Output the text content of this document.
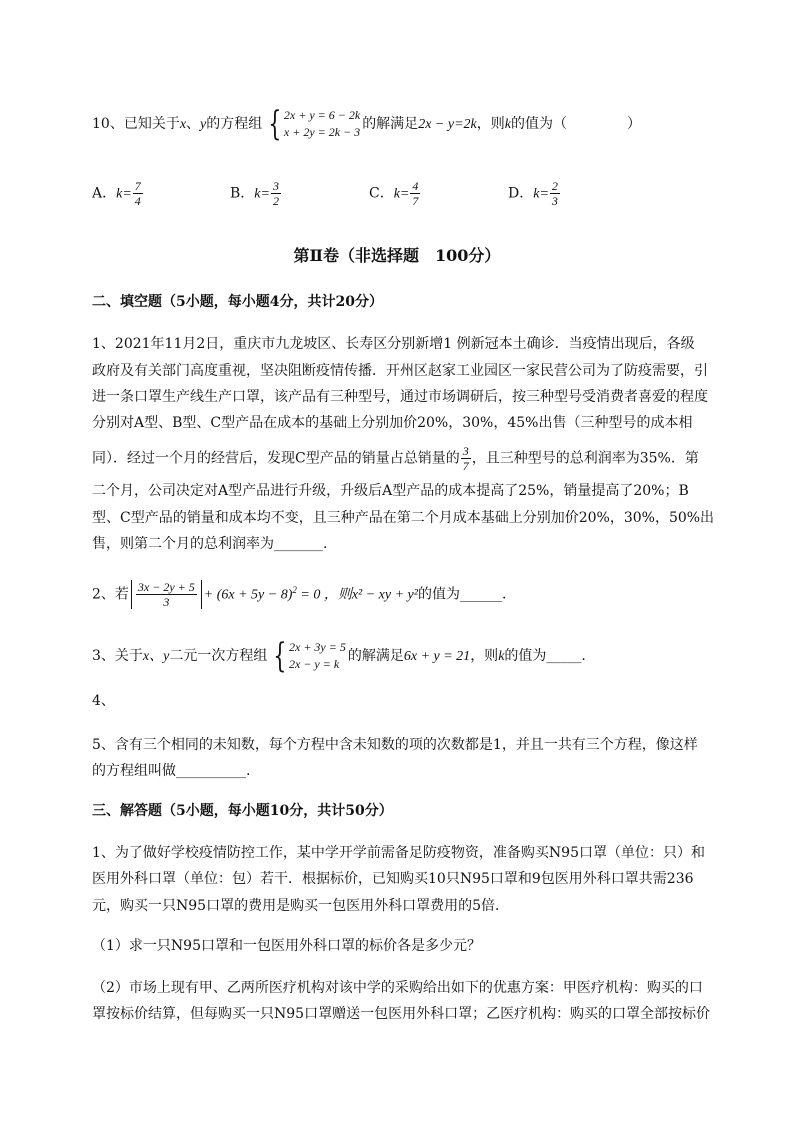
10、已知关于x、y的方程组 { 2x + y = 6 − 2k
x + 2y = 2k − 3 的解满足2x − y=2k，则k的值为（	）
A．$k= \frac{7}{4}$	B．$k= \frac{3}{2}$	C．$k= \frac{4}{7}$	D．$k= \frac{2}{3}$
第Ⅱ卷（非选择题　100分）
二、填空题（5小题，每小题4分，共计20分）
1、2021年11月2日，重庆市九龙坡区、长寿区分别新增1 例新冠本土确诊．当疫情出现后，各级
政府及有关部门高度重视，坚决阻断疫情传播．开州区赵家工业园区一家民营公司为了防疫需要，引
进一条口罩生产线生产口罩，该产品有三种型号，通过市场调研后，按三种型号受消费者喜爱的程度
分别对A型、B型、C型产品在成本的基础上分别加价20%，30%，45%出售（三种型号的成本相
同）．经过一个月的经营后，发现C型产品的销量占总销量的 $\frac{3}{7}$ ，且三种型号的总利润率为35%．第
二个月，公司决定对A型产品进行升级，升级后A型产品的成本提高了25%，销量提高了20%；B
型、C型产品的销量和成本均不变，且三种产品在第二个月成本基础上分别加价20%，30%，50%出
售，则第二个月的总利润率为_______.
2、若 $\frac{3x - 2y + 5}{3} + (6x + 5y - 8)^2 = 0$ ，则x² − xy + y²的值为______.
3、关于x、y二元一次方程组 { 2x + 3y = 5
2x − y = k 的解满足6x + y = 21，则k的值为_____.
4、
5、含有三个相同的未知数，每个方程中含未知数的项的次数都是1，并且一共有三个方程，像这样
的方程组叫做__________.
三、解答题（5小题，每小题10分，共计50分）
1、为了做好学校疫情防控工作，某中学开学前需备足防疫物资，准备购买N95口罩（单位：只）和
医用外科口罩（单位：包）若干．根据标价，已知购买10只N95口罩和9包医用外科口罩共需236
元，购买一只N95口罩的费用是购买一包医用外科口罩费用的5倍．
（1）求一只N95口罩和一包医用外科口罩的标价各是多少元？
（2）市场上现有甲、乙两所医疗机构对该中学的采购给出如下的优惠方案：甲医疗机构：购买的口
罩按标价结算，但每购买一只N95口罩赠送一包医用外科口罩；乙医疗机构：购买的口罩全部按标价
